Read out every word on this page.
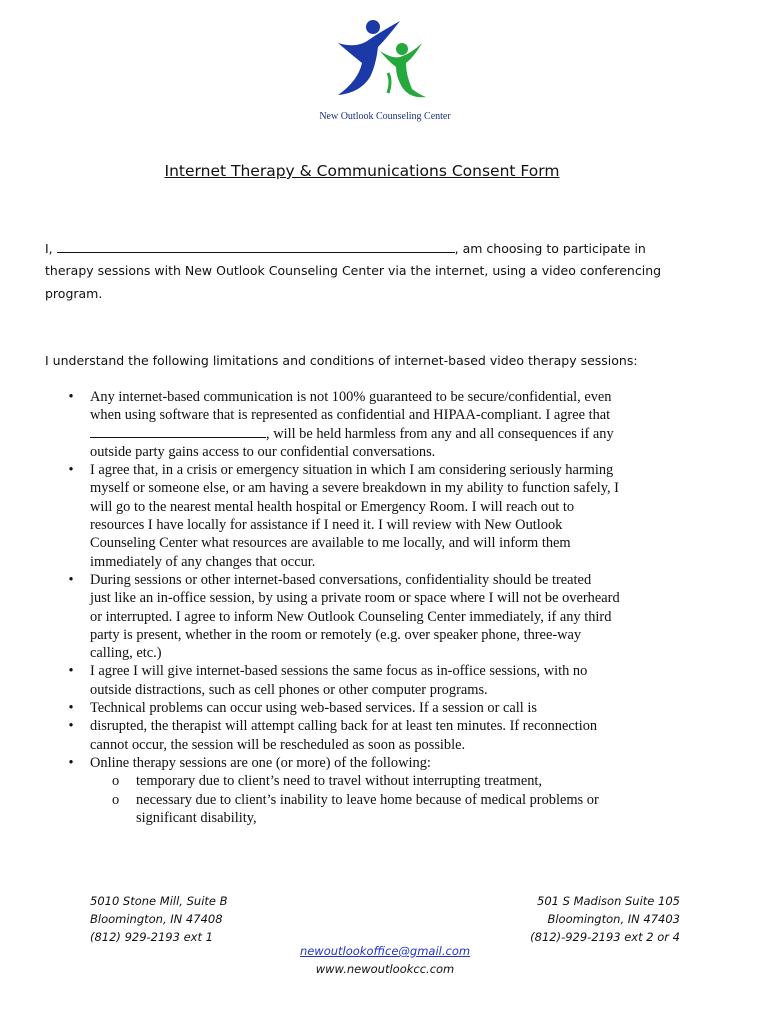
New Outlook Counseling Center
Internet Therapy & Communications Consent Form
I,	, am choosing to participate in
therapy sessions with New Outlook Counseling Center via the internet, using a video conferencing
program.
I understand the following limitations and conditions of internet-based video therapy sessions:
• Any internet-based communication is not 100% guaranteed to be secure/confidential, even
when using software that is represented as confidential and HIPAA-compliant. I agree that
, will be held harmless from any and all consequences if any
outside party gains access to our confidential conversations.
• I agree that, in a crisis or emergency situation in which I am considering seriously harming
myself or someone else, or am having a severe breakdown in my ability to function safely, I
will go to the nearest mental health hospital or Emergency Room. I will reach out to
resources I have locally for assistance if I need it. I will review with New Outlook
Counseling Center what resources are available to me locally, and will inform them
immediately of any changes that occur.
• During sessions or other internet-based conversations, confidentiality should be treated
just like an in-office session, by using a private room or space where I will not be overheard
or interrupted. I agree to inform New Outlook Counseling Center immediately, if any third
party is present, whether in the room or remotely (e.g. over speaker phone, three-way
calling, etc.)
• I agree I will give internet-based sessions the same focus as in-office sessions, with no
outside distractions, such as cell phones or other computer programs.
• Technical problems can occur using web-based services. If a session or call is
• disrupted, the therapist will attempt calling back for at least ten minutes. If reconnection
cannot occur, the session will be rescheduled as soon as possible.
• Online therapy sessions are one (or more) of the following:
o temporary due to client’s need to travel without interrupting treatment,
o necessary due to client’s inability to leave home because of medical problems or
significant disability,
5010 Stone Mill, Suite B
Bloomington, IN 47408
(812) 929-2193 ext 1
501 S Madison Suite 105
Bloomington, IN 47403
(812)-929-2193 ext 2 or 4
newoutlookoffice@gmail.com
www.newoutlookcc.com
